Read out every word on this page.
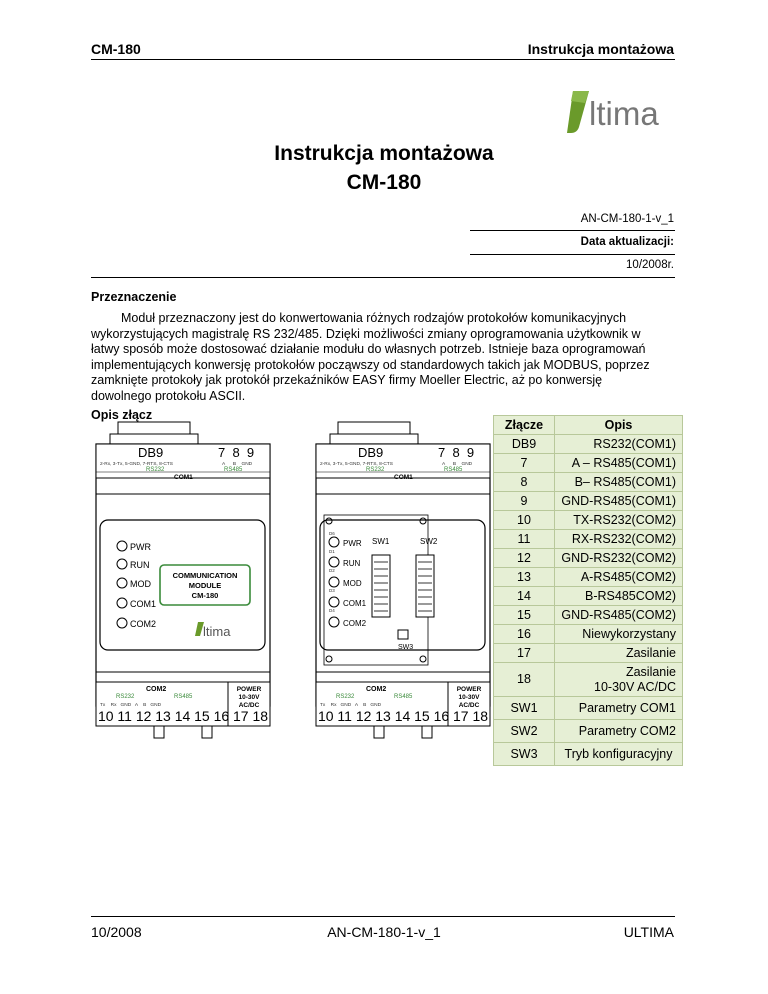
CM-180	Instrukcja montażowa
ltima
Instrukcja montażowa
CM-180
AN-CM-180-1-v_1
Data aktualizacji:
10/2008r.
Przeznaczenie
Moduł przeznaczony jest do konwertowania różnych rodzajów protokołów komunikacyjnych
wykorzystujących magistralę RS 232/485. Dzięki możliwości zmiany oprogramowania użytkownik w
łatwy sposób może dostosować działanie modułu do własnych potrzeb. Istnieje baza oprogramowań
implementujących konwersję protokołów począwszy od standardowych takich jak MODBUS, poprzez
zamknięte protokoły jak protokół przekaźników EASY firmy Moeller Electric, aż po konwersję
dowolnego protokołu ASCII.
Opis złącz
DB9	7  8  9
2-Rx, 3-Tx, 5-GND, 7-RTS, 8-CTS	A      B    GND
RS232	RS485
COM1
PWR
RUN
MOD
COM1
COM2
COMMUNICATION
MODULE
CM-180
ltima
COM2
RS232	RS485
POWER
10-30V
AC/DC
Tx    Rx   GND   A    B   GND
10 11 12 13 14 15 16 17 18
DB9	7  8  9
2-Rx, 3-Tx, 5-GND, 7-RTS, 8-CTS	A      B    GND
RS232	RS485
COM1
D6
D1
D2
D3
D4
PWR
RUN
MOD
COM1
COM2
SW1	SW2
SW3
COM2
RS232	RS485
POWER
10-30V
AC/DC
Tx    Rx   GND   A    B   GND
10 11 12 13 14 15 16 17 18
Złącze	Opis
DB9	RS232(COM1)
7	A – RS485(COM1)
8	B– RS485(COM1)
9	GND-RS485(COM1)
10	TX-RS232(COM2)
11	RX-RS232(COM2)
12	GND-RS232(COM2)
13	A-RS485(COM2)
14	B-RS485COM2)
15	GND-RS485(COM2)
16	Niewykorzystany
17	Zasilanie
18	Zasilanie
10-30V AC/DC

SW1	Parametry COM1
SW2	Parametry COM2
SW3	Tryb konfiguracyjny
10/2008	AN-CM-180-1-v_1	ULTIMA
